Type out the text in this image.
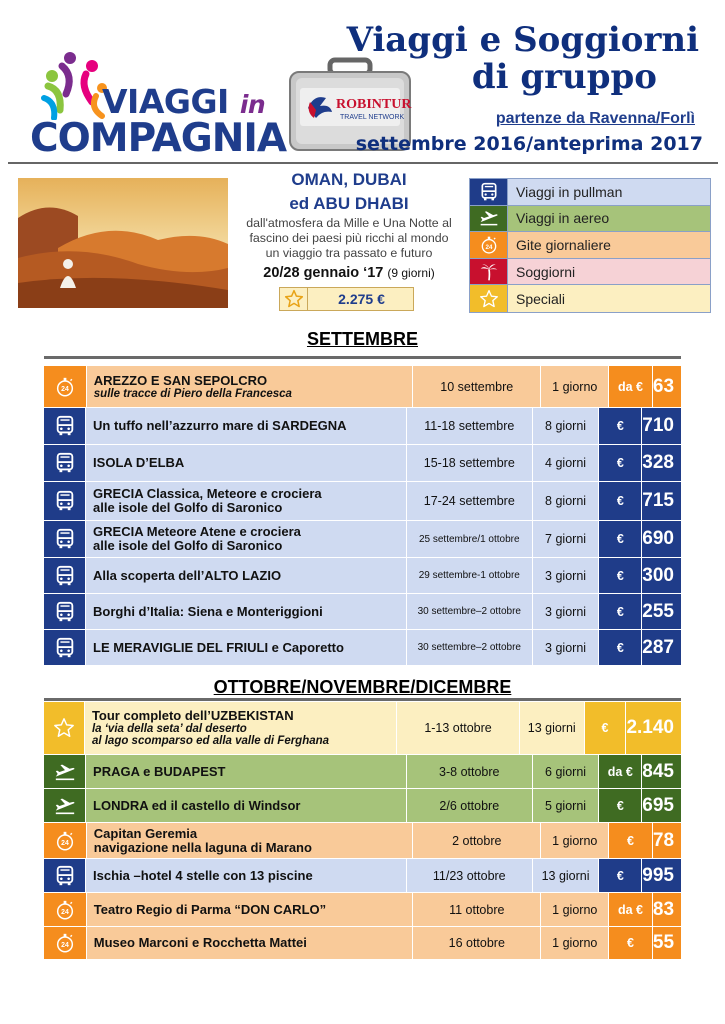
VIAGGI in
COMPAGNIA
ROBINTUR
TRAVEL NETWORK
Viaggi e Soggiorni
di gruppo
partenze da Ravenna/Forlì
settembre 2016/anteprima 2017
OMAN, DUBAI
ed ABU DHABI
dall'atmosfera da Mille e Una Notte al
fascino dei paesi più ricchi al mondo
un viaggio tra passato e futuro
20/28 gennaio ‘17 (9 giorni)
2.275 €
Viaggi in pullman
Viaggi in aereo
24	Gite giornaliere
Soggiorni
Speciali
SETTEMBRE
24
AREZZO E SAN SEPOLCRO
sulle tracce di Piero della Francesca	10 settembre	1 giorno	da € 63
Un tuffo nell’azzurro mare di SARDEGNA	11-18 settembre	8 giorni	€ 710
ISOLA D’ELBA	15-18 settembre	4 giorni	€ 328
GRECIA Classica, Meteore e crociera
alle isole del Golfo di Saronico	17-24 settembre	8 giorni	€ 715
GRECIA Meteore Atene e crociera
alle isole del Golfo di Saronico	25 settembre/1 ottobre	7 giorni	€ 690
Alla scoperta dell’ALTO LAZIO	29 settembre-1 ottobre	3 giorni	€ 300
Borghi d’Italia: Siena e Monteriggioni	30 settembre–2 ottobre	3 giorni	€ 255
LE MERAVIGLIE DEL FRIULI e Caporetto	30 settembre–2 ottobre	3 giorni	€ 287
OTTOBRE/NOVEMBRE/DICEMBRE
Tour completo dell’UZBEKISTAN
la ‘via della seta’ dal deserto
al lago scomparso ed alla valle di Ferghana
1-13 ottobre	13 giorni	€ 2.140
PRAGA e BUDAPEST	3-8 ottobre	6 giorni	da € 845
LONDRA ed il castello di Windsor	2/6 ottobre	5 giorni	€ 695
24
Capitan Geremia
navigazione nella laguna di Marano	2 ottobre	1 giorno	€ 78
Ischia –hotel 4 stelle con 13 piscine	11/23 ottobre	13 giorni	€ 995
24 Teatro Regio di Parma “DON CARLO”	11 ottobre	1 giorno	da € 83
24 Museo Marconi e Rocchetta Mattei	16 ottobre	1 giorno	€ 55
